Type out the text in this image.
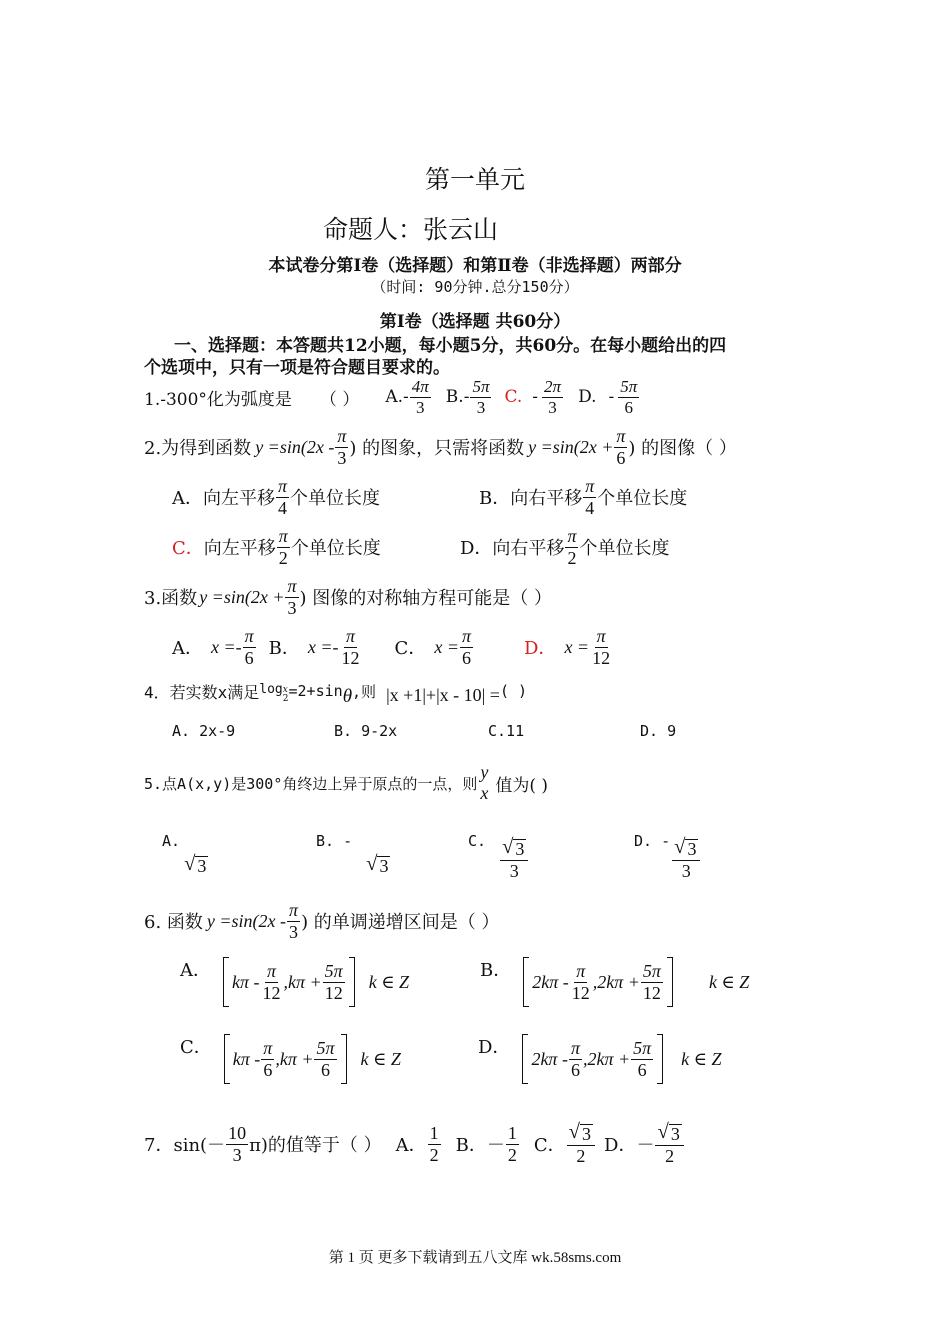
第一单元
命题人：张云山
本试卷分第Ⅰ卷（选择题）和第Ⅱ卷（非选择题）两部分
（时间: 90分钟.总分150分）
第Ⅰ卷（选择题 共60分）
一、选择题：本答题共12小题，每小题5分，共60分。在每小题给出的四
个选项中，只有一项是符合题目要求的。
1.-300°化为弧度是 （ ） $A.- \frac{4\pi}{3} B.- \frac{5\pi}{3} C$. - $\frac{2\pi}{3} D$. - $\frac{5\pi}{6}$
2.为得到函数 $y =\sin(2x - \frac{\pi}{3}$ ) 的图象，只需将函数 $y =\sin(2x + \frac{\pi}{6}$ ) 的图像（ ）
A．向左平移 $\frac{\pi}{4}$ 个单位长度	B．向右平移 $\frac{\pi}{4}$ 个单位长度
C． 向左平移 $\frac{\pi}{2}$ 个单位长度	D．向右平移 $\frac{\pi}{2}$ 个单位长度
3.函数 $y =\sin(2x + \frac{\pi}{3}$ ) 图像的对称轴方程可能是（ ）
A． $x =- \frac{\pi}{6}$ B． $x =- \frac{\pi}{12}$ C． $x = \frac{\pi}{6}$	D． $x = \frac{\pi}{12}$
4．若实数x满足 log x
2 =2+sin θ ,则 |x +1|+|x - 10| = ( )
A. 2x-9	B. 9-2x	C.11	D. 9
5.点A(x,y)是300°角终边上异于原点的一点，则
y
x 值为( )
A.
√ 3
B. -
√ 3
C. $\frac{√ 3}{3}$	D. - $\frac{√ 3}{3}$
6. 函数 $y =\sin(2x - \frac{\pi}{3}$ ) 的单调递增区间是（ ）
A．
$k\pi - \frac{\pi}{12} ,k\pi + \frac{5\pi}{12}$ k ∈ Z
B．
$2k\pi - \frac{\pi}{12} ,2k\pi + \frac{5\pi}{12}$	k ∈ Z
C．
$k\pi - \frac{\pi}{6} ,k\pi + \frac{5\pi}{6}$ k ∈ Z
D．
$2k\pi - \frac{\pi}{6} ,2k\pi + \frac{5\pi}{6}$ k ∈ Z
7．$\sin(- \frac{10}{3} \pi)$的值等于（ ） A． $\frac{1}{2}$ B．－ $\frac{1}{2}$ C． $\frac{√ 3}{2}$ D．－ $\frac{√ 3}{2}$
第 1 页 更多下载请到五八文库 wk.58sms.com
